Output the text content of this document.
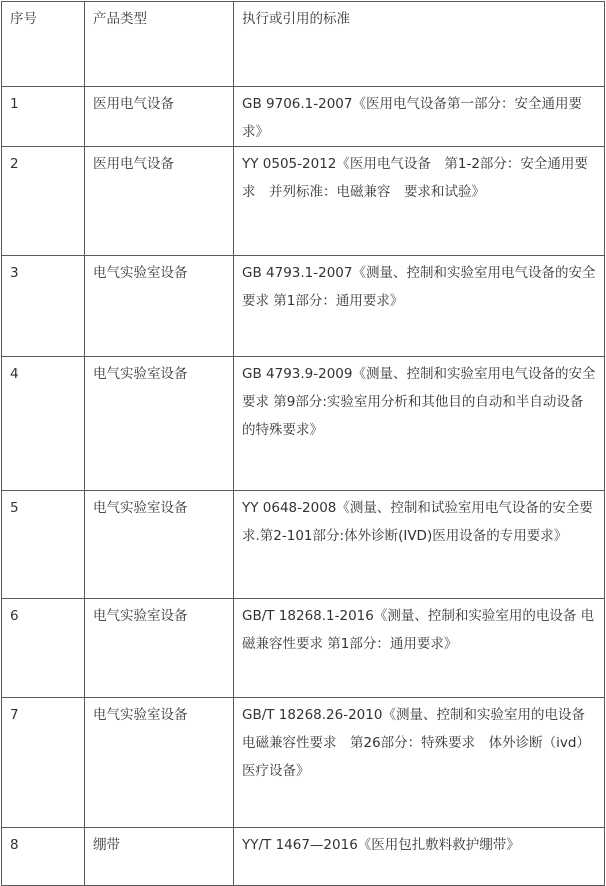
序号	产品类型	执行或引用的标准
1	医用电气设备	GB 9706.1-2007《医用电气设备第一部分：安全通用要求》
2	医用电气设备	YY 0505-2012《医用电气设备　第1-2部分：安全通用要求　并列标准：电磁兼容　要求和试验》
3	电气实验室设备	GB 4793.1-2007《测量、控制和实验室用电气设备的安全要求 第1部分：通用要求》
4	电气实验室设备	GB 4793.9-2009《测量、控制和实验室用电气设备的安全要求 第9部分:实验室用分析和其他目的自动和半自动设备的特殊要求》
5	电气实验室设备	YY 0648-2008《测量、控制和试验室用电气设备的安全要求.第2-101部分:体外诊断(IVD)医用设备的专用要求》
6	电气实验室设备	GB/T 18268.1-2016《测量、控制和实验室用的电设备 电磁兼容性要求 第1部分：通用要求》
7	电气实验室设备	GB/T 18268.26-2010《测量、控制和实验室用的电设备　电磁兼容性要求　第26部分：特殊要求　体外诊断（ivd）医疗设备》
8	绷带	YY/T 1467—2016《医用包扎敷料救护绷带》
